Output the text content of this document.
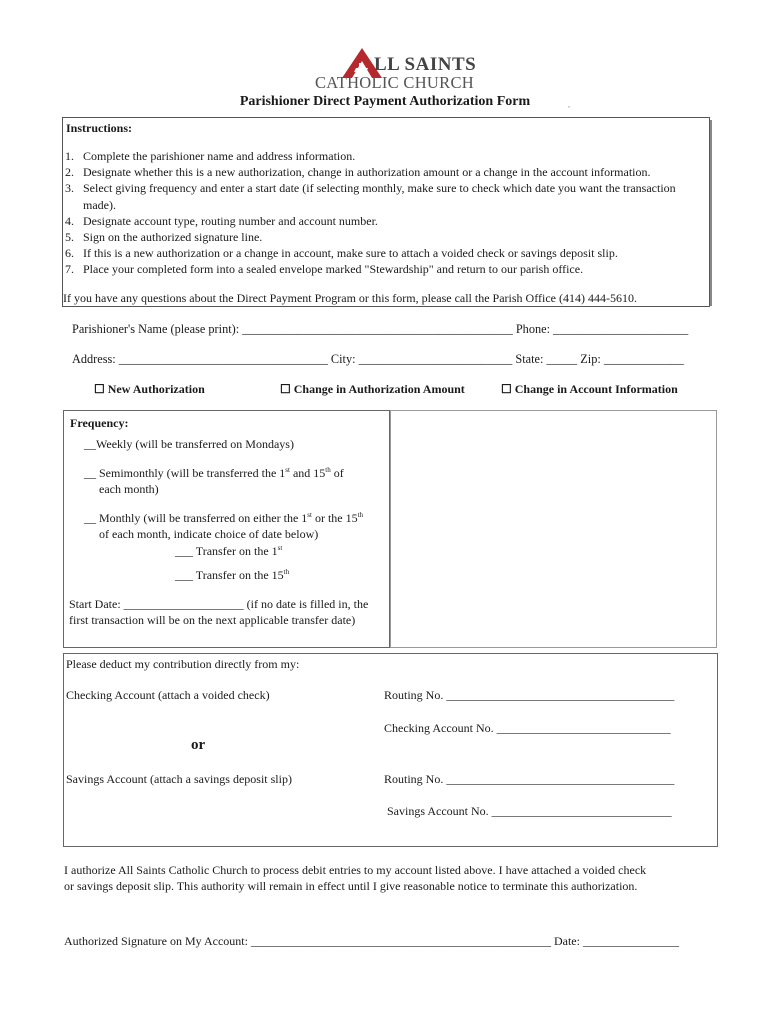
LL SAINTS
CATHOLIC CHURCH
Parishioner Direct Payment Authorization Form	,
Instructions:
1. Complete the parishioner name and address information.
2. Designate whether this is a new authorization, change in authorization amount or a change in the account information.
3. Select giving frequency and enter a start date (if selecting monthly, make sure to check which date you want the transaction made).
4. Designate account type, routing number and account number.
5. Sign on the authorized signature line.
6. If this is a new authorization or a change in account, make sure to attach a voided check or savings deposit slip.
7. Place your completed form into a sealed envelope marked "Stewardship" and return to our parish office.
If you have any questions about the Direct Payment Program or this form, please call the Parish Office (414) 444-5610.
Parishioner's Name (please print): ____________________________________________ Phone: ______________________
Address: __________________________________ City: _________________________ State: _____ Zip: _____________
☐ New Authorization	☐ Change in Authorization Amount	☐ Change in Account Information
Frequency:
__Weekly (will be transferred on Mondays)
__ Semimonthly (will be transferred the 1st and 15th of
each month)
__ Monthly (will be transferred on either the 1st or the 15th
of each month, indicate choice of date below)
___ Transfer on the 1st
___ Transfer on the 15th
Start Date: ____________________ (if no date is filled in, the
first transaction will be on the next applicable transfer date)
Please deduct my contribution directly from my:
Checking Account (attach a voided check)	Routing No. ______________________________________
Checking Account No. _____________________________
or
Savings Account (attach a savings deposit slip)	Routing No. ______________________________________
Savings Account No. ______________________________
I authorize All Saints Catholic Church to process debit entries to my account listed above. I have attached a voided check
or savings deposit slip. This authority will remain in effect until I give reasonable notice to terminate this authorization.
Authorized Signature on My Account: __________________________________________________ Date: ________________
